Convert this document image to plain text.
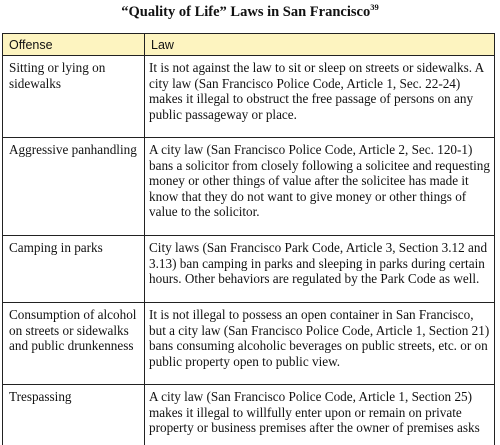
“Quality of Life” Laws in San Francisco$^{39}$
Offense	Law
Sitting or lying on sidewalks	It is not against the law to sit or sleep on streets or sidewalks. A city law (San Francisco Police Code, Article 1, Sec. 22-24) makes it illegal to obstruct the free passage of persons on any public passageway or place.
Aggressive panhandling	A city law (San Francisco Police Code, Article 2, Sec. 120-1) bans a solicitor from closely following a solicitee and requesting money or other things of value after the solicitee has made it know that they do not want to give money or other things of value to the solicitor.
Camping in parks	City laws (San Francisco Park Code, Article 3, Section 3.12 and 3.13) ban camping in parks and sleeping in parks during certain hours. Other behaviors are regulated by the Park Code as well.
Consumption of alcohol on streets or sidewalks and public drunkenness	It is not illegal to possess an open container in San Francisco, but a city law (San Francisco Police Code, Article 1, Section 21) bans consuming alcoholic beverages on public streets, etc. or on public property open to public view.
Trespassing	A city law (San Francisco Police Code, Article 1, Section 25) makes it illegal to willfully enter upon or remain on private property or business premises after the owner of premises asks
